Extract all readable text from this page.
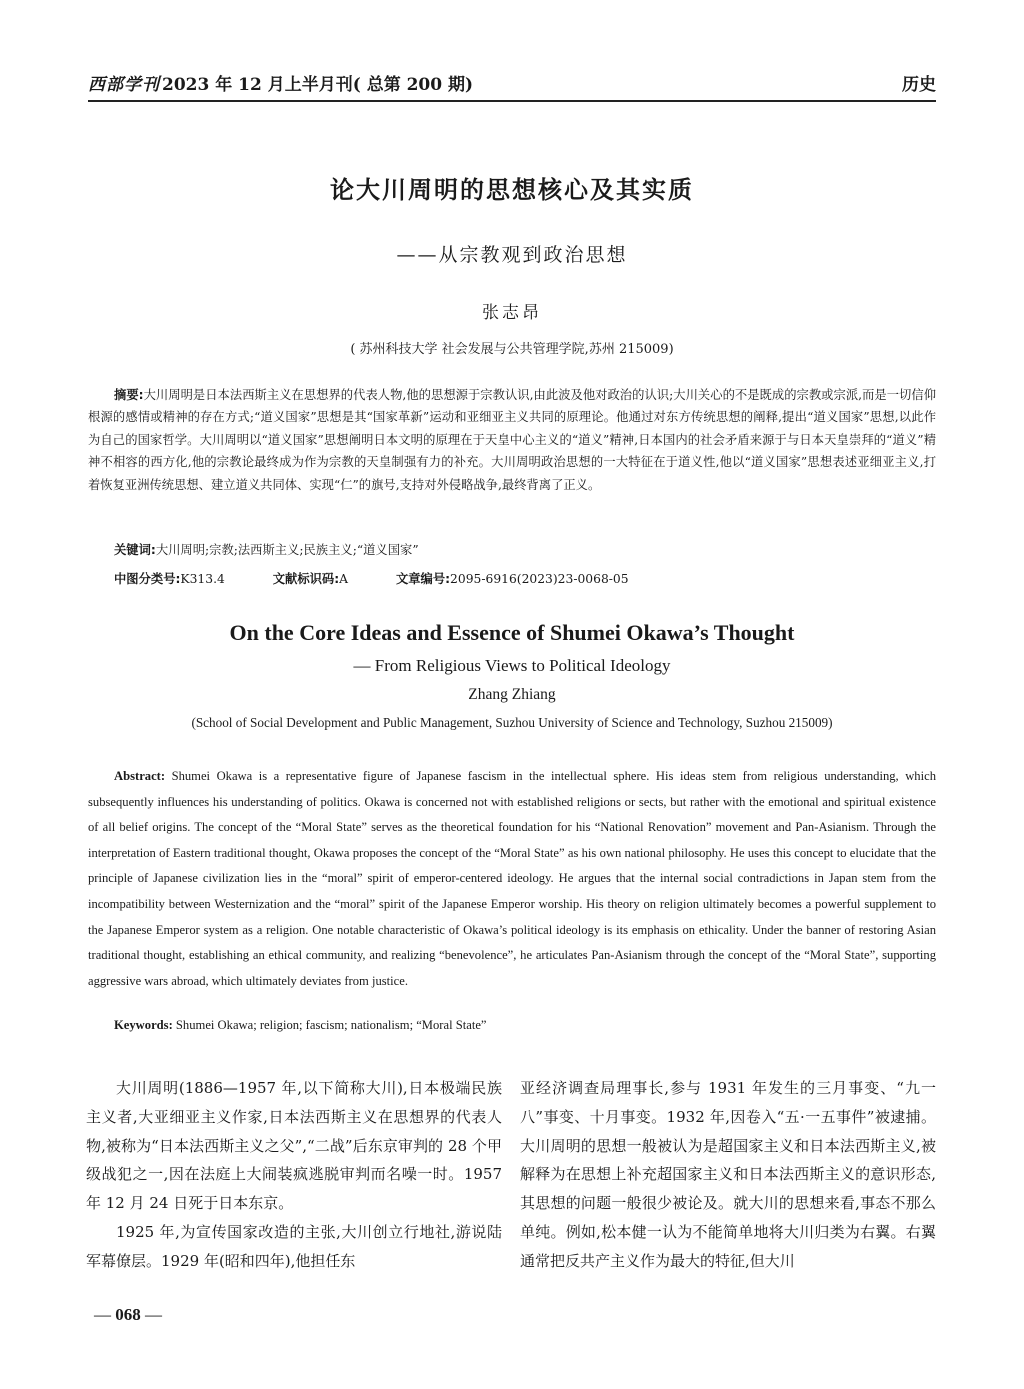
西部学刊 2023 年 12 月上半月刊( 总第 200 期)	历史
论大川周明的思想核心及其实质
——从宗教观到政治思想
张志昂
( 苏州科技大学 社会发展与公共管理学院,苏州 215009)
摘要:大川周明是日本法西斯主义在思想界的代表人物,他的思想源于宗教认识,由此波及他对政治的认识;大川关心的不是既成的宗教或宗派,而是一切信仰根源的感情或精神的存在方式;“道义国家”思想是其“国家革新”运动和亚细亚主义共同的原理论。他通过对东方传统思想的阐释,提出“道义国家”思想,以此作为自己的国家哲学。大川周明以“道义国家”思想阐明日本文明的原理在于天皇中心主义的“道义”精神,日本国内的社会矛盾来源于与日本天皇崇拜的“道义”精神不相容的西方化,他的宗教论最终成为作为宗教的天皇制强有力的补充。大川周明政治思想的一大特征在于道义性,他以“道义国家”思想表述亚细亚主义,打着恢复亚洲传统思想、建立道义共同体、实现“仁”的旗号,支持对外侵略战争,最终背离了正义。
关键词:大川周明;宗教;法西斯主义;民族主义;“道义国家”
中图分类号:K313.4	文献标识码:A	文章编号:2095-6916(2023)23-0068-05
On the Core Ideas and Essence of Shumei Okawa’s Thought
— From Religious Views to Political Ideology
Zhang Zhiang
(School of Social Development and Public Management, Suzhou University of Science and Technology, Suzhou 215009)
Abstract: Shumei Okawa is a representative figure of Japanese fascism in the intellectual sphere. His ideas stem from religious understanding, which subsequently influences his understanding of politics. Okawa is concerned not with established religions or sects, but rather with the emotional and spiritual existence of all belief origins. The concept of the “Moral State” serves as the theoretical foundation for his “National Renovation” movement and Pan-Asianism. Through the interpretation of Eastern traditional thought, Okawa proposes the concept of the “Moral State” as his own national philosophy. He uses this concept to elucidate that the principle of Japanese civilization lies in the “moral” spirit of emperor-centered ideology. He argues that the internal social contradictions in Japan stem from the incompatibility between Westernization and the “moral” spirit of the Japanese Emperor worship. His theory on religion ultimately becomes a powerful supplement to the Japanese Emperor system as a religion. One notable characteristic of Okawa’s political ideology is its emphasis on ethicality. Under the banner of restoring Asian traditional thought, establishing an ethical community, and realizing “benevolence”, he articulates Pan-Asianism through the concept of the “Moral State”, supporting aggressive wars abroad, which ultimately deviates from justice.
Keywords: Shumei Okawa; religion; fascism; nationalism; “Moral State”

大川周明(1886—1957 年,以下简称大川),日本极端民族主义者,大亚细亚主义作家,日本法西斯主义在思想界的代表人物,被称为“日本法西斯主义之父”,“二战”后东京审判的 28 个甲级战犯之一,因在法庭上大闹装疯逃脱审判而名噪一时。1957 年 12 月 24 日死于日本东京。

1925 年,为宣传国家改造的主张,大川创立行地社,游说陆军幕僚层。1929 年(昭和四年),他担任东

亚经济调查局理事长,参与 1931 年发生的三月事变、“九一八”事变、十月事变。1932 年,因卷入“五·一五事件”被逮捕。大川周明的思想一般被认为是超国家主义和日本法西斯主义,被解释为在思想上补充超国家主义和日本法西斯主义的意识形态,其思想的问题一般很少被论及。就大川的思想来看,事态不那么单纯。例如,松本健一认为不能简单地将大川归类为右翼。右翼通常把反共产主义作为最大的特征,但大川

— 068 —
